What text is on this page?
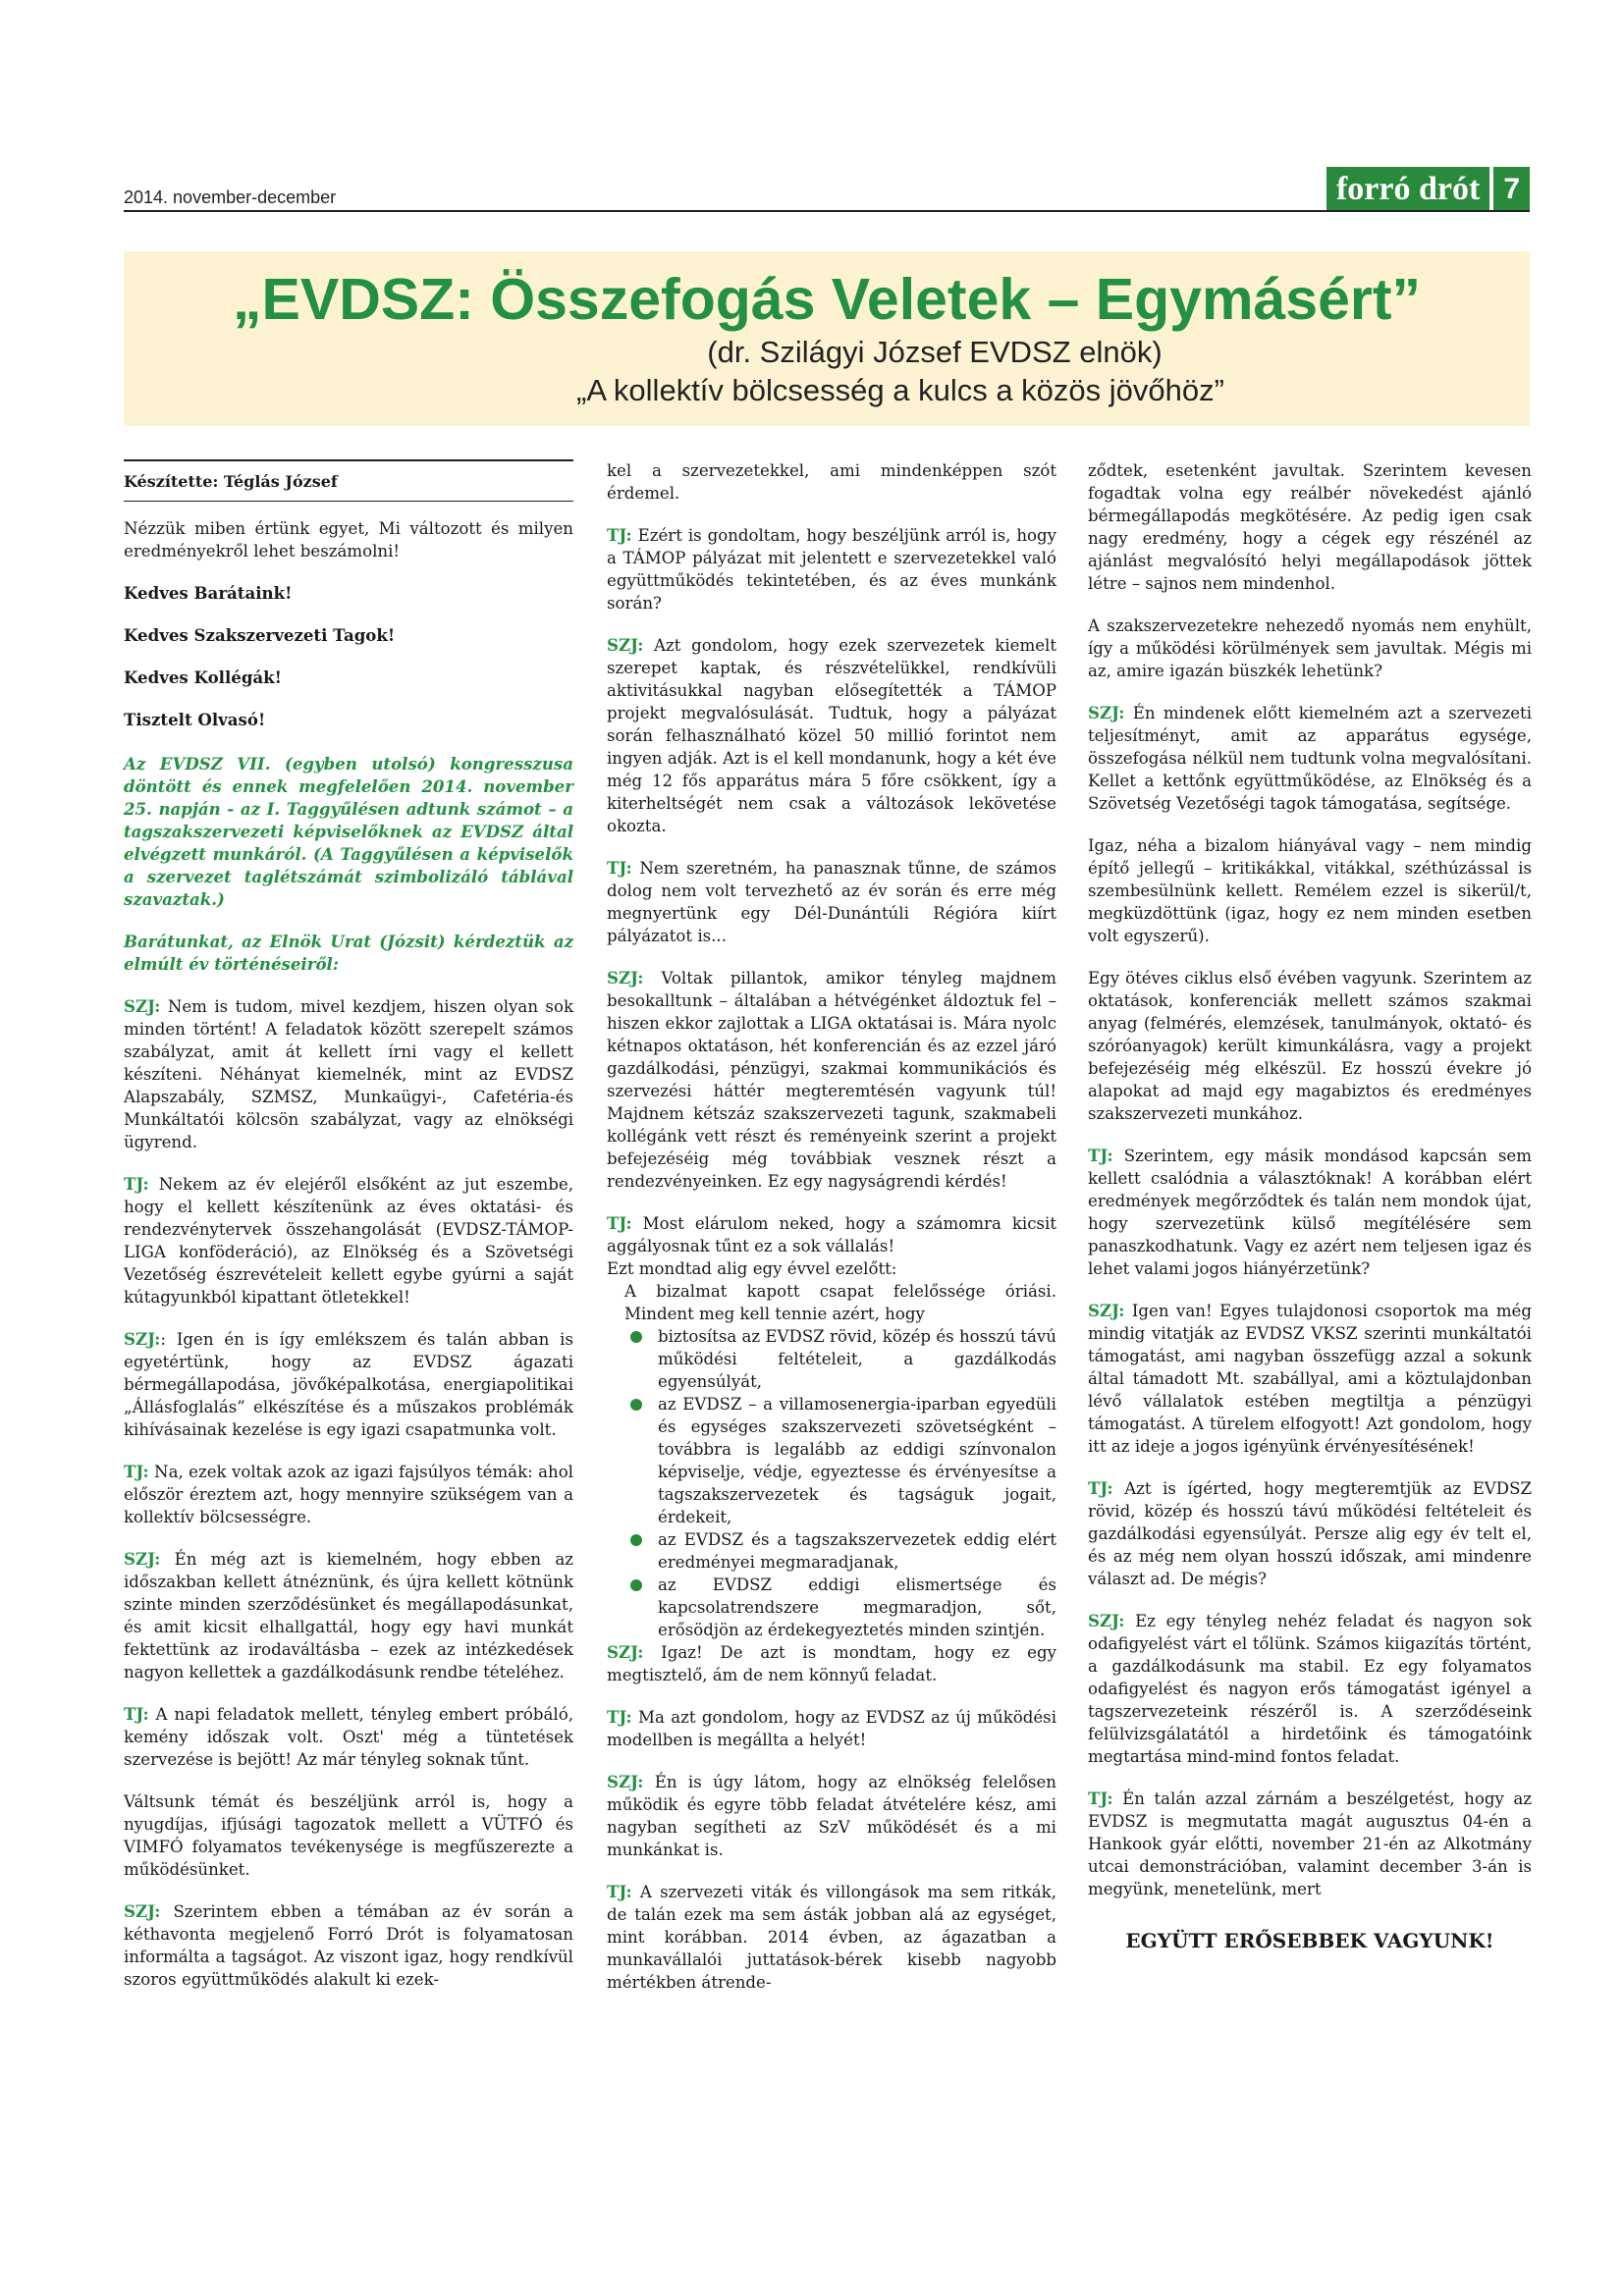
2014. november-december	forró drót 7
„EVDSZ: Összefogás Veletek – Egymásért”
(dr. Szilágyi József EVDSZ elnök)
„A kollektív bölcsesség a kulcs a közös jövőhöz”
Készítette: Téglás József

Nézzük miben értünk egyet, Mi változott és milyen eredményekről lehet beszámolni!

Kedves Barátaink!

Kedves Szakszervezeti Tagok!

Kedves Kollégák!

Tisztelt Olvasó!

Az EVDSZ VII. (egyben utolsó) kongresszusa döntött és ennek megfelelően 2014. november 25. napján - az I. Taggyűlésen adtunk számot – a tagszakszervezeti képviselőknek az EVDSZ által elvégzett munkáról. (A Taggyűlésen a képviselők a szervezet taglétszámát szimbolizáló táblával szavaztak.)

Barátunkat, az Elnök Urat (Józsit) kérdeztük az elmúlt év történéseiről:

SZJ: Nem is tudom, mivel kezdjem, hiszen olyan sok minden történt! A feladatok között szerepelt számos szabályzat, amit át kellett írni vagy el kellett készíteni. Néhányat kiemelnék, mint az EVDSZ Alapszabály, SZMSZ, Munkaügyi-, Cafetéria-és Munkáltatói kölcsön szabályzat, vagy az elnökségi ügyrend.

TJ: Nekem az év elejéről elsőként az jut eszembe, hogy el kellett készítenünk az éves oktatási- és rendezvénytervek összehangolását (EVDSZ-TÁMOP-LIGA konföderáció), az Elnökség és a Szövetségi Vezetőség észrevételeit kellett egybe gyúrni a saját kútagyunkból kipattant ötletekkel!

SZJ:: Igen én is így emlékszem és talán abban is egyetértünk, hogy az EVDSZ ágazati bérmegállapodása, jövőképalkotása, energiapolitikai „Állásfoglalás” elkészítése és a műszakos problémák kihívásainak kezelése is egy igazi csapatmunka volt.

TJ: Na, ezek voltak azok az igazi fajsúlyos témák: ahol először éreztem azt, hogy mennyire szükségem van a kollektív bölcsességre.

SZJ: Én még azt is kiemelném, hogy ebben az időszakban kellett átnéznünk, és újra kellett kötnünk szinte minden szerződésünket és megállapodásunkat, és amit kicsit elhallgattál, hogy egy havi munkát fektettünk az irodaváltásba – ezek az intézkedések nagyon kellettek a gazdálkodásunk rendbe tételéhez.

TJ: A napi feladatok mellett, tényleg embert próbáló, kemény időszak volt. Oszt' még a tüntetések szervezése is bejött! Az már tényleg soknak tűnt.

Váltsunk témát és beszéljünk arról is, hogy a nyugdíjas, ifjúsági tagozatok mellett a VÜTFÓ és VIMFÓ folyamatos tevékenysége is megfűszerezte a működésünket.

SZJ: Szerintem ebben a témában az év során a kéthavonta megjelenő Forró Drót is folyamatosan informálta a tagságot. Az viszont igaz, hogy rendkívül szoros együttműködés alakult ki ezek-

kel a szervezetekkel, ami mindenképpen szót érdemel.

TJ: Ezért is gondoltam, hogy beszéljünk arról is, hogy a TÁMOP pályázat mit jelentett e szervezetekkel való együttműködés tekintetében, és az éves munkánk során?

SZJ: Azt gondolom, hogy ezek szervezetek kiemelt szerepet kaptak, és részvételükkel, rendkívüli aktivitásukkal nagyban elősegítették a TÁMOP projekt megvalósulását. Tudtuk, hogy a pályázat során felhasználható közel 50 millió forintot nem ingyen adják. Azt is el kell mondanunk, hogy a két éve még 12 fős apparátus mára 5 főre csökkent, így a kiterheltségét nem csak a változások lekövetése okozta.

TJ: Nem szeretném, ha panasznak tűnne, de számos dolog nem volt tervezhető az év során és erre még megnyertünk egy Dél-Dunántúli Régióra kiírt pályázatot is...

SZJ: Voltak pillantok, amikor tényleg majdnem besokalltunk – általában a hétvégénket áldoztuk fel – hiszen ekkor zajlottak a LIGA oktatásai is. Mára nyolc kétnapos oktatáson, hét konferencián és az ezzel járó gazdálkodási, pénzügyi, szakmai kommunikációs és szervezési háttér megteremtésén vagyunk túl! Majdnem kétszáz szakszervezeti tagunk, szakmabeli kollégánk vett részt és reményeink szerint a projekt befejezéséig még továbbiak vesznek részt a rendezvényeinken. Ez egy nagyságrendi kérdés!

TJ: Most elárulom neked, hogy a számomra kicsit aggályosnak tűnt ez a sok vállalás!

Ezt mondtad alig egy évvel ezelőtt:

A bizalmat kapott csapat felelőssége óriási. Mindent meg kell tennie azért, hogy

biztosítsa az EVDSZ rövid, közép és hosszú távú működési feltételeit, a gazdálkodás egyensúlyát,
az EVDSZ – a villamosenergia-iparban egyedüli és egységes szakszervezeti szövetségként – továbbra is legalább az eddigi színvonalon képviselje, védje, egyeztesse és érvényesítse a tagszakszervezetek és tagságuk jogait, érdekeit,
az EVDSZ és a tagszakszervezetek eddig elért eredményei megmaradjanak,
az EVDSZ eddigi elismertsége és kapcsolatrendszere megmaradjon, sőt, erősödjön az érdekegyeztetés minden szintjén.

SZJ: Igaz! De azt is mondtam, hogy ez egy megtisztelő, ám de nem könnyű feladat.

TJ: Ma azt gondolom, hogy az EVDSZ az új működési modellben is megállta a helyét!

SZJ: Én is úgy látom, hogy az elnökség felelősen működik és egyre több feladat átvételére kész, ami nagyban segítheti az SzV működését és a mi munkánkat is.

TJ: A szervezeti viták és villongások ma sem ritkák, de talán ezek ma sem ásták jobban alá az egységet, mint korábban. 2014 évben, az ágazatban a munkavállalói juttatások-bérek kisebb nagyobb mértékben átrende-

ződtek, esetenként javultak. Szerintem kevesen fogadtak volna egy reálbér növekedést ajánló bérmegállapodás megkötésére. Az pedig igen csak nagy eredmény, hogy a cégek egy részénél az ajánlást megvalósító helyi megállapodások jöttek létre – sajnos nem mindenhol.

A szakszervezetekre nehezedő nyomás nem enyhült, így a működési körülmények sem javultak. Mégis mi az, amire igazán büszkék lehetünk?

SZJ: Én mindenek előtt kiemelném azt a szervezeti teljesítményt, amit az apparátus egysége, összefogása nélkül nem tudtunk volna megvalósítani. Kellet a kettőnk együttműködése, az Elnökség és a Szövetség Vezetőségi tagok támogatása, segítsége.

Igaz, néha a bizalom hiányával vagy – nem mindig építő jellegű – kritikákkal, vitákkal, széthúzással is szembesülnünk kellett. Remélem ezzel is sikerül/t, megküzdöttünk (igaz, hogy ez nem minden esetben volt egyszerű).

Egy ötéves ciklus első évében vagyunk. Szerintem az oktatások, konferenciák mellett számos szakmai anyag (felmérés, elemzések, tanulmányok, oktató- és szóróanyagok) került kimunkálásra, vagy a projekt befejezéséig még elkészül. Ez hosszú évekre jó alapokat ad majd egy magabiztos és eredményes szakszervezeti munkához.

TJ: Szerintem, egy másik mondásod kapcsán sem kellett csalódnia a választóknak! A korábban elért eredmények megőrződtek és talán nem mondok újat, hogy szervezetünk külső megítélésére sem panaszkodhatunk. Vagy ez azért nem teljesen igaz és lehet valami jogos hiányérzetünk?

SZJ: Igen van! Egyes tulajdonosi csoportok ma még mindig vitatják az EVDSZ VKSZ szerinti munkáltatói támogatást, ami nagyban összefügg azzal a sokunk által támadott Mt. szabállyal, ami a köztulajdonban lévő vállalatok estében megtiltja a pénzügyi támogatást. A türelem elfogyott! Azt gondolom, hogy itt az ideje a jogos igényünk érvényesítésének!

TJ: Azt is ígérted, hogy megteremtjük az EVDSZ rövid, közép és hosszú távú működési feltételeit és gazdálkodási egyensúlyát. Persze alig egy év telt el, és az még nem olyan hosszú időszak, ami mindenre választ ad. De mégis?

SZJ: Ez egy tényleg nehéz feladat és nagyon sok odafigyelést várt el tőlünk. Számos kiigazítás történt, a gazdálkodásunk ma stabil. Ez egy folyamatos odafigyelést és nagyon erős támogatást igényel a tagszervezeteink részéről is. A szerződéseink felülvizsgálatától a hirdetőink és támogatóink megtartása mind-mind fontos feladat.

TJ: Én talán azzal zárnám a beszélgetést, hogy az EVDSZ is megmutatta magát augusztus 04-én a Hankook gyár előtti, november 21-én az Alkotmány utcai demonstrációban, valamint december 3-án is megyünk, menetelünk, mert

EGYÜTT ERŐSEBBEK VAGYUNK!
